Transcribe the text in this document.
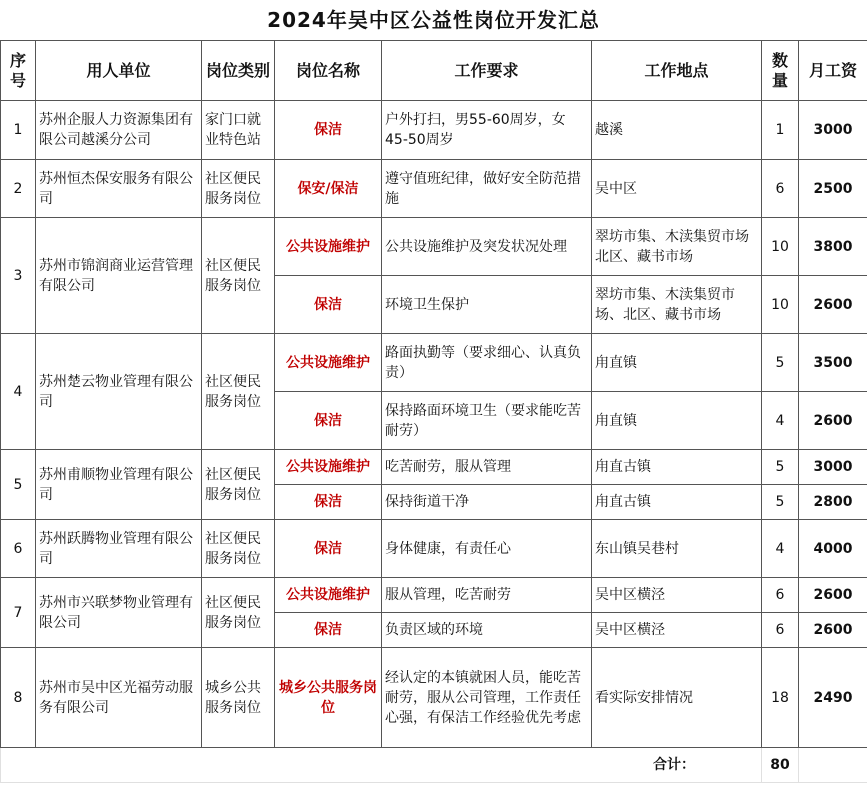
2024年吴中区公益性岗位开发汇总
序号	用人单位	岗位类别	岗位名称	工作要求	工作地点	数量	月工资
1	苏州企服人力资源集团有限公司越溪分公司	家门口就业特色站	保洁	户外打扫，男55-60周岁，女45-50周岁	越溪	1	3000
2	苏州恒杰保安服务有限公司	社区便民服务岗位	保安/保洁	遵守值班纪律，做好安全防范措施	吴中区	6	2500
3	苏州市锦润商业运营管理有限公司	社区便民服务岗位	公共设施维护	公共设施维护及突发状况处理	翠坊市集、木渎集贸市场北区、藏书市场	10	3800
			保洁	环境卫生保护	翠坊市集、木渎集贸市场、北区、藏书市场	10	2600
4	苏州楚云物业管理有限公司	社区便民服务岗位	公共设施维护	路面执勤等（要求细心、认真负责）	甪直镇	5	3500
			保洁	保持路面环境卫生（要求能吃苦耐劳）	甪直镇	4	2600
5	苏州甫顺物业管理有限公司	社区便民服务岗位	公共设施维护	吃苦耐劳，服从管理	甪直古镇	5	3000
			保洁	保持街道干净	甪直古镇	5	2800
6	苏州跃腾物业管理有限公司	社区便民服务岗位	保洁	身体健康，有责任心	东山镇吴巷村	4	4000
7	苏州市兴联梦物业管理有限公司	社区便民服务岗位	公共设施维护	服从管理，吃苦耐劳	吴中区横泾	6	2600
			保洁	负责区域的环境	吴中区横泾	6	2600
8	苏州市吴中区光福劳动服务有限公司	城乡公共服务岗位	城乡公共服务岗位	经认定的本镇就困人员，能吃苦耐劳，服从公司管理，工作责任心强，有保洁工作经验优先考虑	看实际安排情况	18	2490
合计：						80	
